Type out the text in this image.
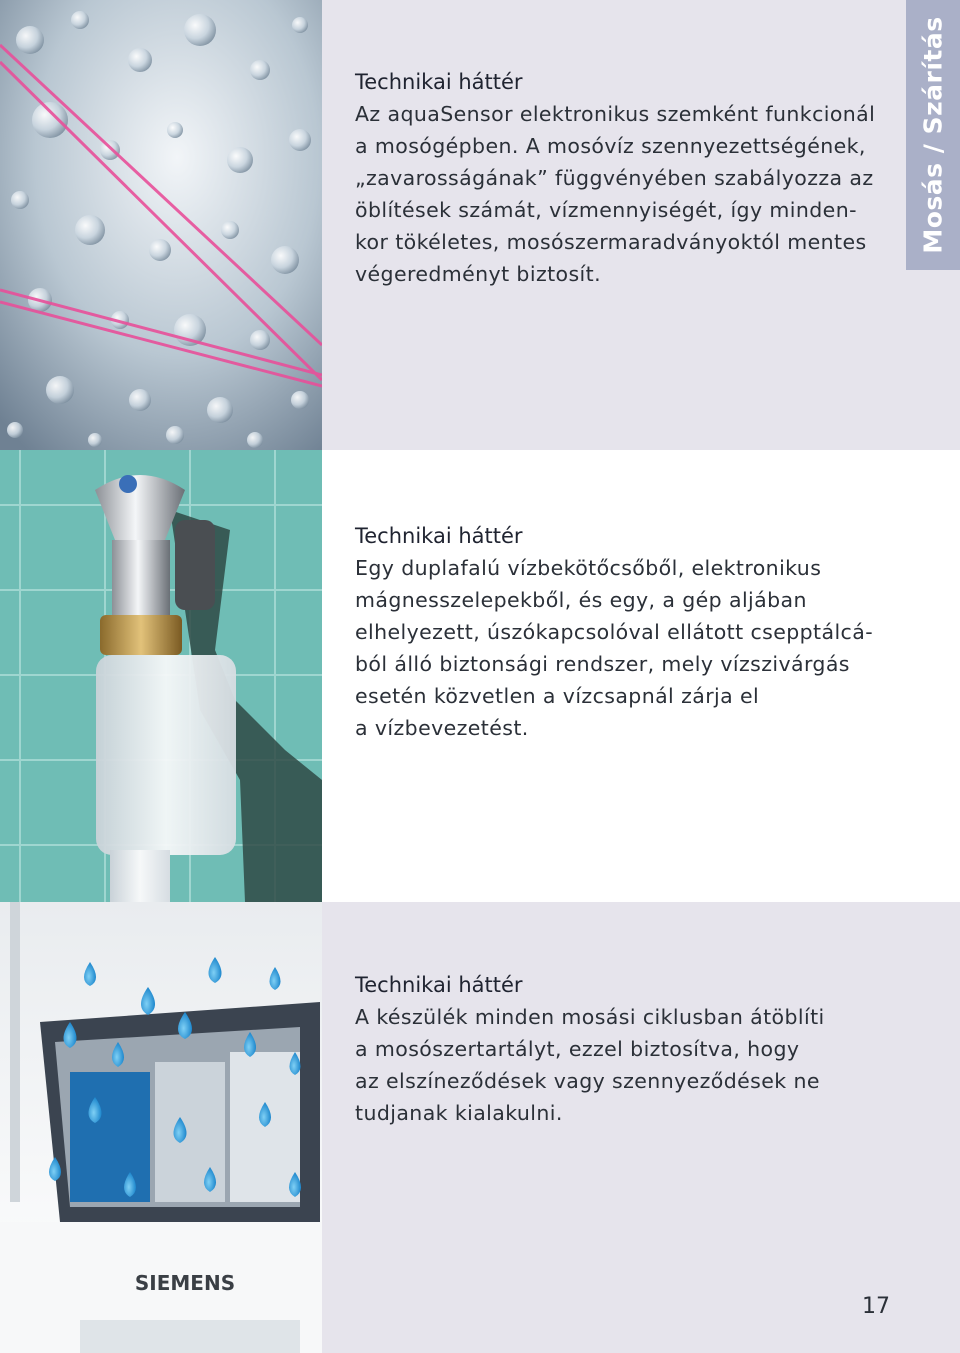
Technikai háttér

Az aquaSensor elektronikus szemként funkcionál
a mosógépben. A mosóvíz szennyezettségének,
„zavarosságának” függvényében szabályozza az
öblítések számát, vízmennyiségét, így minden-
kor tökéletes, mosószermaradványoktól mentes
végeredményt biztosít.

Mosás / Szárítás

Technikai háttér

Egy duplafalú vízbekötőcsőből, elektronikus
mágnesszelepekből, és egy, a gép aljában
elhelyezett, úszókapcsolóval ellátott csepptálcá-
ból álló biztonsági rendszer, mely vízszivárgás
esetén közvetlen a vízcsapnál zárja el
a vízbevezetést.

SIEMENS

Technikai háttér

A készülék minden mosási ciklusban átöblíti
a mosószertartályt, ezzel biztosítva, hogy
az elszíneződések vagy szennyeződések ne
tudjanak kialakulni.

17
